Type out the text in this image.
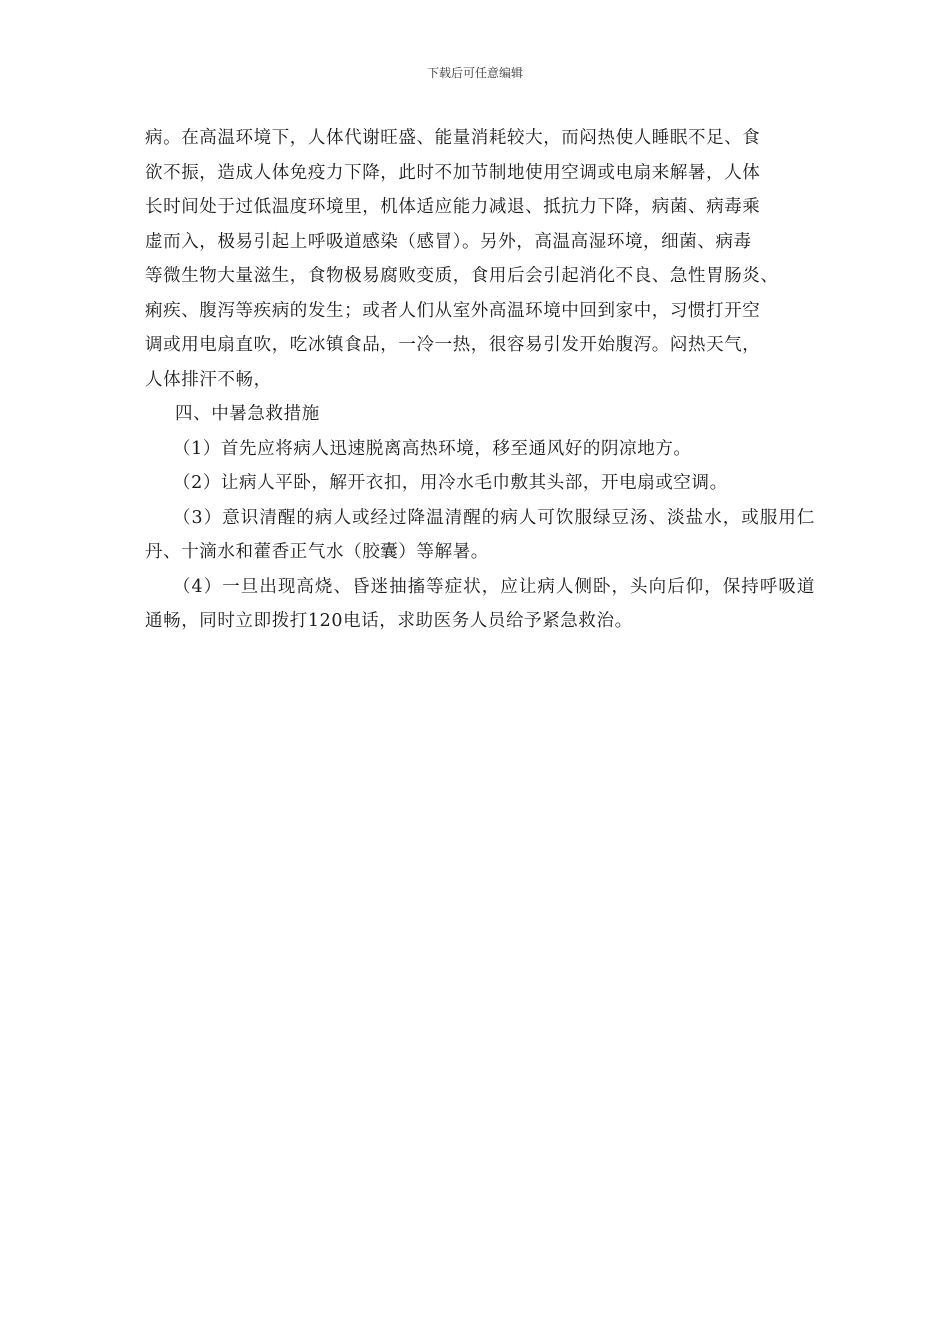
下载后可任意编辑

病。在高温环境下，人体代谢旺盛、能量消耗较大，而闷热使人睡眠不足、食

欲不振，造成人体免疫力下降，此时不加节制地使用空调或电扇来解暑，人体

长时间处于过低温度环境里，机体适应能力减退、抵抗力下降，病菌、病毒乘

虚而入，极易引起上呼吸道感染（感冒）。另外，高温高湿环境，细菌、病毒

等微生物大量滋生，食物极易腐败变质，食用后会引起消化不良、急性胃肠炎、

痢疾、腹泻等疾病的发生；或者人们从室外高温环境中回到家中，习惯打开空

调或用电扇直吹，吃冰镇食品，一冷一热，很容易引发开始腹泻。闷热天气，

人体排汗不畅，

四、中暑急救措施

（1）首先应将病人迅速脱离高热环境，移至通风好的阴凉地方。

（2）让病人平卧，解开衣扣，用冷水毛巾敷其头部，开电扇或空调。

（3）意识清醒的病人或经过降温清醒的病人可饮服绿豆汤、淡盐水，或服用仁丹、十滴水和藿香正气水（胶囊）等解暑。

（4）一旦出现高烧、昏迷抽搐等症状，应让病人侧卧，头向后仰，保持呼吸道通畅，同时立即拨打120电话，求助医务人员给予紧急救治。
